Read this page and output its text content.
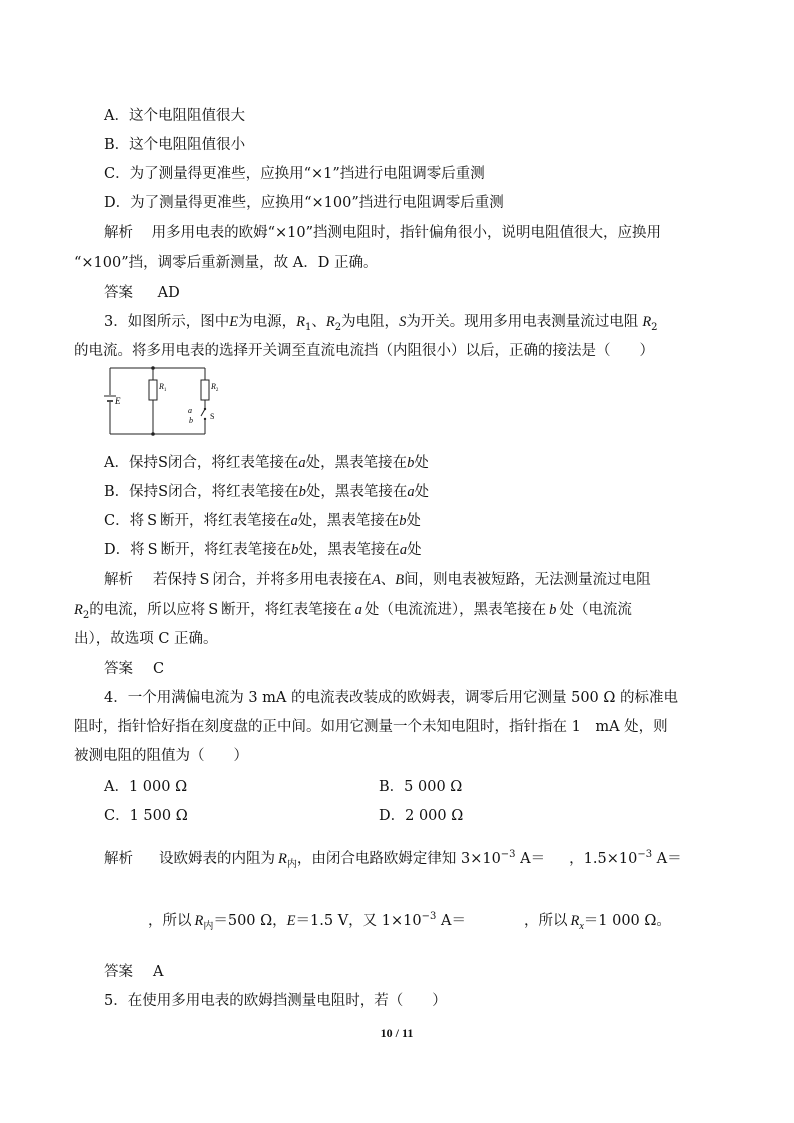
A．这个电阻阻值很大
B．这个电阻阻值很小
C．为了测量得更准些，应换用“×1”挡进行电阻调零后重测
D．为了测量得更准些，应换用“×100”挡进行电阻调零后重测
解析 用多用电表的欧姆“×10”挡测电阻时，指针偏角很小，说明电阻值很大，应换用
“×100”挡，调零后重新测量，故 A．D 正确。
答案 AD
3．如图所示，图中E为电源，$R_1$、$R_2$为电阻，S为开关。现用多用电表测量流过电阻 $R_2$
的电流。将多用电表的选择开关调至直流电流挡（内阻很小）以后，正确的接法是（　　）
E
$R_1$	$R_2$
a
b S
A．保持S闭合，将红表笔接在a处，黑表笔接在b处
B．保持S闭合，将红表笔接在b处，黑表笔接在a处
C．将 S 断开，将红表笔接在a处，黑表笔接在b处
D．将 S 断开，将红表笔接在b处，黑表笔接在a处
解析 若保持 S 闭合，并将多用电表接在A、B间，则电表被短路，无法测量流过电阻
$R_2$的电流，所以应将 S 断开，将红表笔接在 a 处（电流流进），黑表笔接在 b 处（电流流
出），故选项 C 正确。
答案 C
4．一个用满偏电流为 3 mA 的电流表改装成的欧姆表，调零后用它测量 500 Ω 的标准电
阻时，指针恰好指在刻度盘的正中间。如用它测量一个未知电阻时，指针指在 1　mA 处，则
被测电阻的阻值为（　　）
A．1 000 Ω	B．5 000 Ω
C．1 500 Ω	D．2 000 Ω
解析 设欧姆表的内阻为 $R_内$，由闭合电路欧姆定律知 $3\times 10^{-3}$ A＝ ，$1.5\times 10^{-3}$ A＝
，所以 $R_内=500$ Ω，E＝1.5 V，又 $1\times 10^{-3}$ A＝	，所以 $R_x=1$ 000 Ω。
答案 A
5．在使用多用电表的欧姆挡测量电阻时，若（　　）
10 / 11
